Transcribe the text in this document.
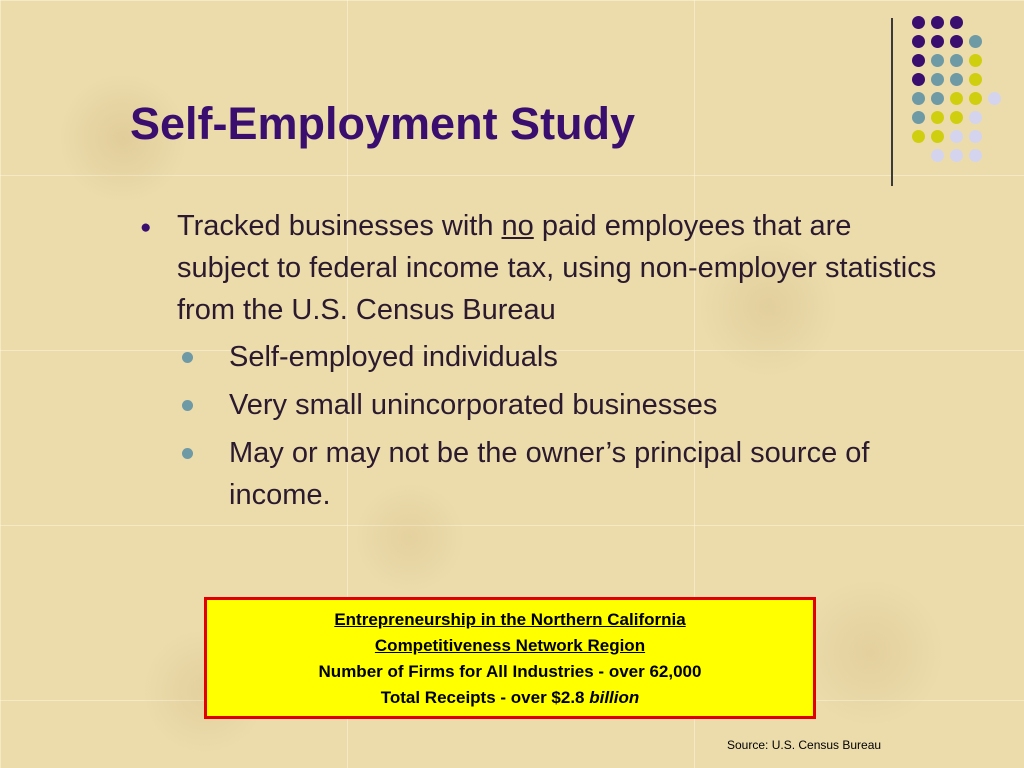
Self-Employment Study
● Tracked businesses with no paid employees that are subject to federal income tax, using non-employer statistics from the U.S. Census Bureau
Self-employed individuals
Very small unincorporated businesses
May or may not be the owner’s principal source of income.
Entrepreneurship in the Northern California
Competitiveness Network Region
Number of Firms for All Industries - over 62,000
Total Receipts - over $2.8 billion
Source: U.S. Census Bureau
